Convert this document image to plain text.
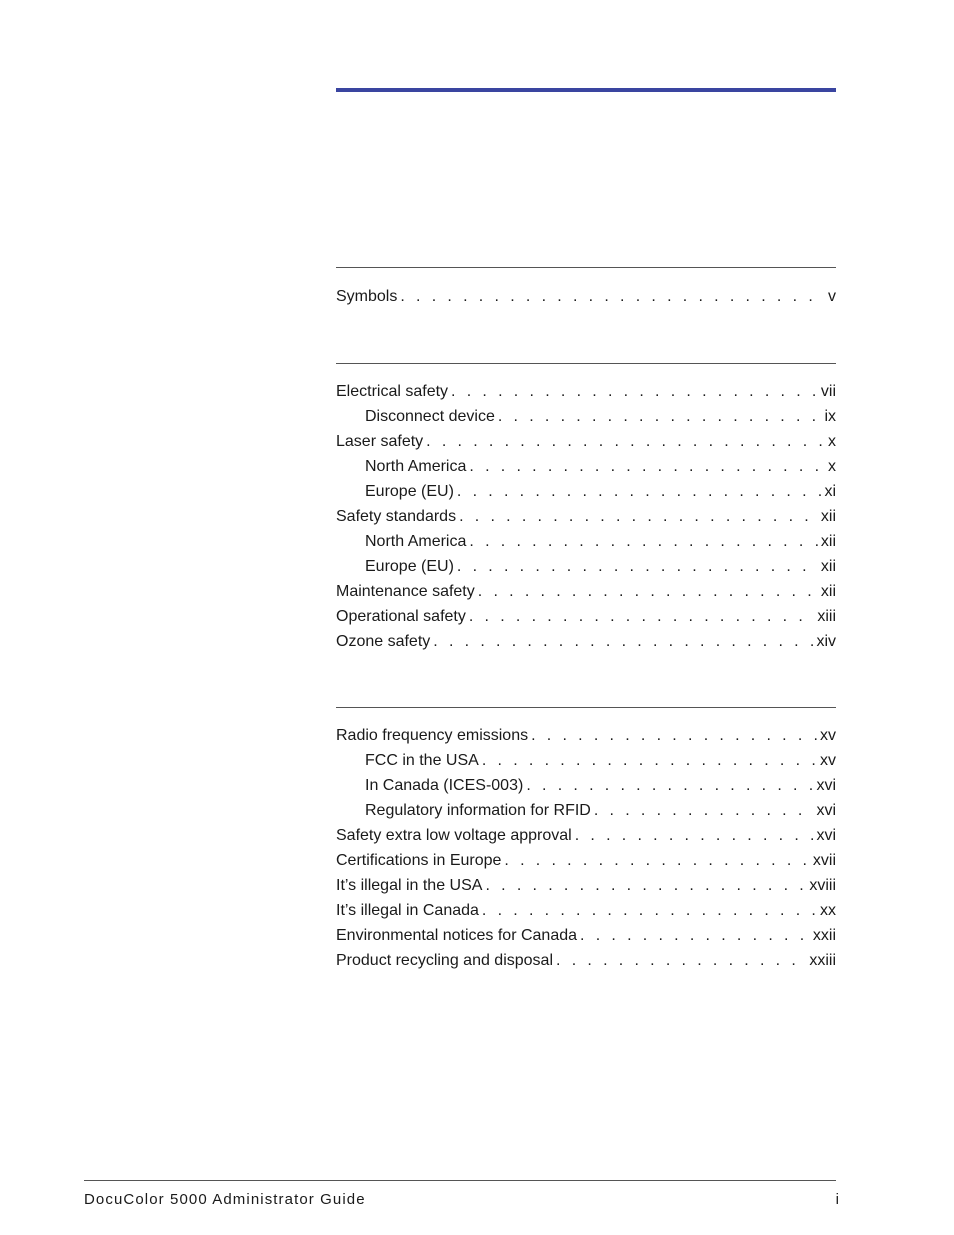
Symbols . . .	v
Electrical safety . . .	vii
Disconnect device . . .	ix
Laser safety . . .	x
North America . . .	x
Europe (EU) . . .	xi
Safety standards . . .	xii
North America . . .	xii
Europe (EU) . . .	xii
Maintenance safety . . .	xii
Operational safety . . .	xiii
Ozone safety . . .	xiv
Radio frequency emissions . . .	xv
FCC in the USA . . .	xv
In Canada (ICES-003) . . .	xvi
Regulatory information for RFID . . .	xvi
Safety extra low voltage approval . . .	xvi
Certifications in Europe . . .	xvii
It’s illegal in the USA . . .	xviii
It’s illegal in Canada . . .	xx
Environmental notices for Canada . . .	xxii
Product recycling and disposal . . .	xxiii
DocuColor 5000 Administrator Guide	i
